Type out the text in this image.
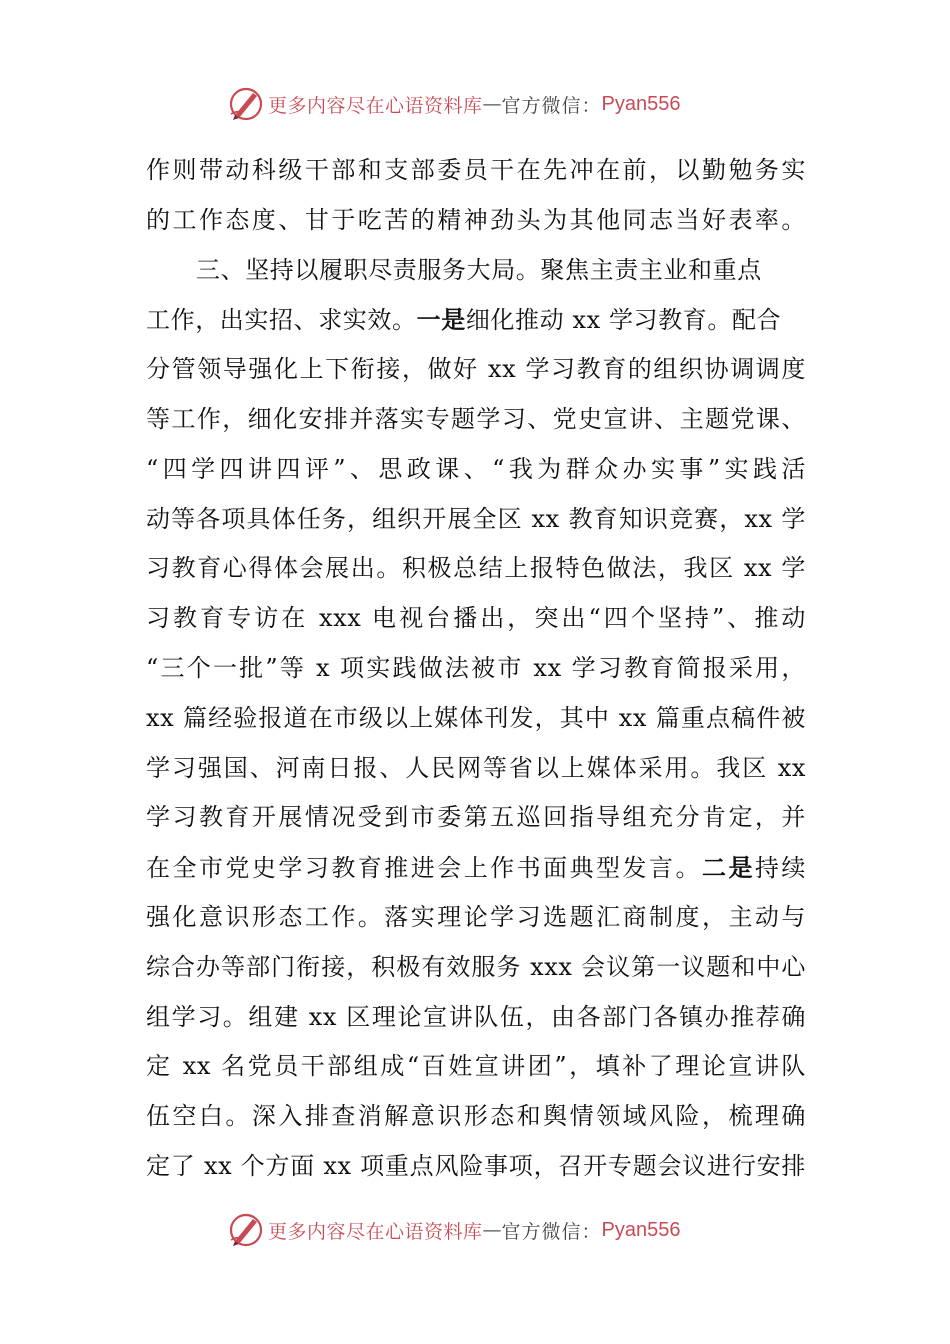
更多内容尽在心语资料库 — 官方微信： Pyan556
作则带动科级干部和支部委员干在先冲在前，以勤勉务实
的工作态度、甘于吃苦的精神劲头为其他同志当好表率。
三、坚持以履职尽责服务大局。聚焦主责主业和重点
工作，出实招、求实效。一是细化推动 xx 学习教育。配合
分管领导强化上下衔接，做好 xx 学习教育的组织协调调度
等工作，细化安排并落实专题学习、党史宣讲、主题党课、
“四学四讲四评”、思政课、“我为群众办实事”实践活
动等各项具体任务，组织开展全区 xx 教育知识竞赛，xx 学
习教育心得体会展出。积极总结上报特色做法，我区 xx 学
习教育专访在 xxx 电视台播出，突出“四个坚持”、推动
“三个一批”等 x 项实践做法被市 xx 学习教育简报采用，
xx 篇经验报道在市级以上媒体刊发，其中 xx 篇重点稿件被
学习强国、河南日报、人民网等省以上媒体采用。我区 xx
学习教育开展情况受到市委第五巡回指导组充分肯定，并
在全市党史学习教育推进会上作书面典型发言。二是持续
强化意识形态工作。落实理论学习选题汇商制度，主动与
综合办等部门衔接，积极有效服务 xxx 会议第一议题和中心
组学习。组建 xx 区理论宣讲队伍，由各部门各镇办推荐确
定 xx 名党员干部组成“百姓宣讲团”，填补了理论宣讲队
伍空白。深入排查消解意识形态和舆情领域风险，梳理确
定了 xx 个方面 xx 项重点风险事项，召开专题会议进行安排
更多内容尽在心语资料库 — 官方微信： Pyan556
